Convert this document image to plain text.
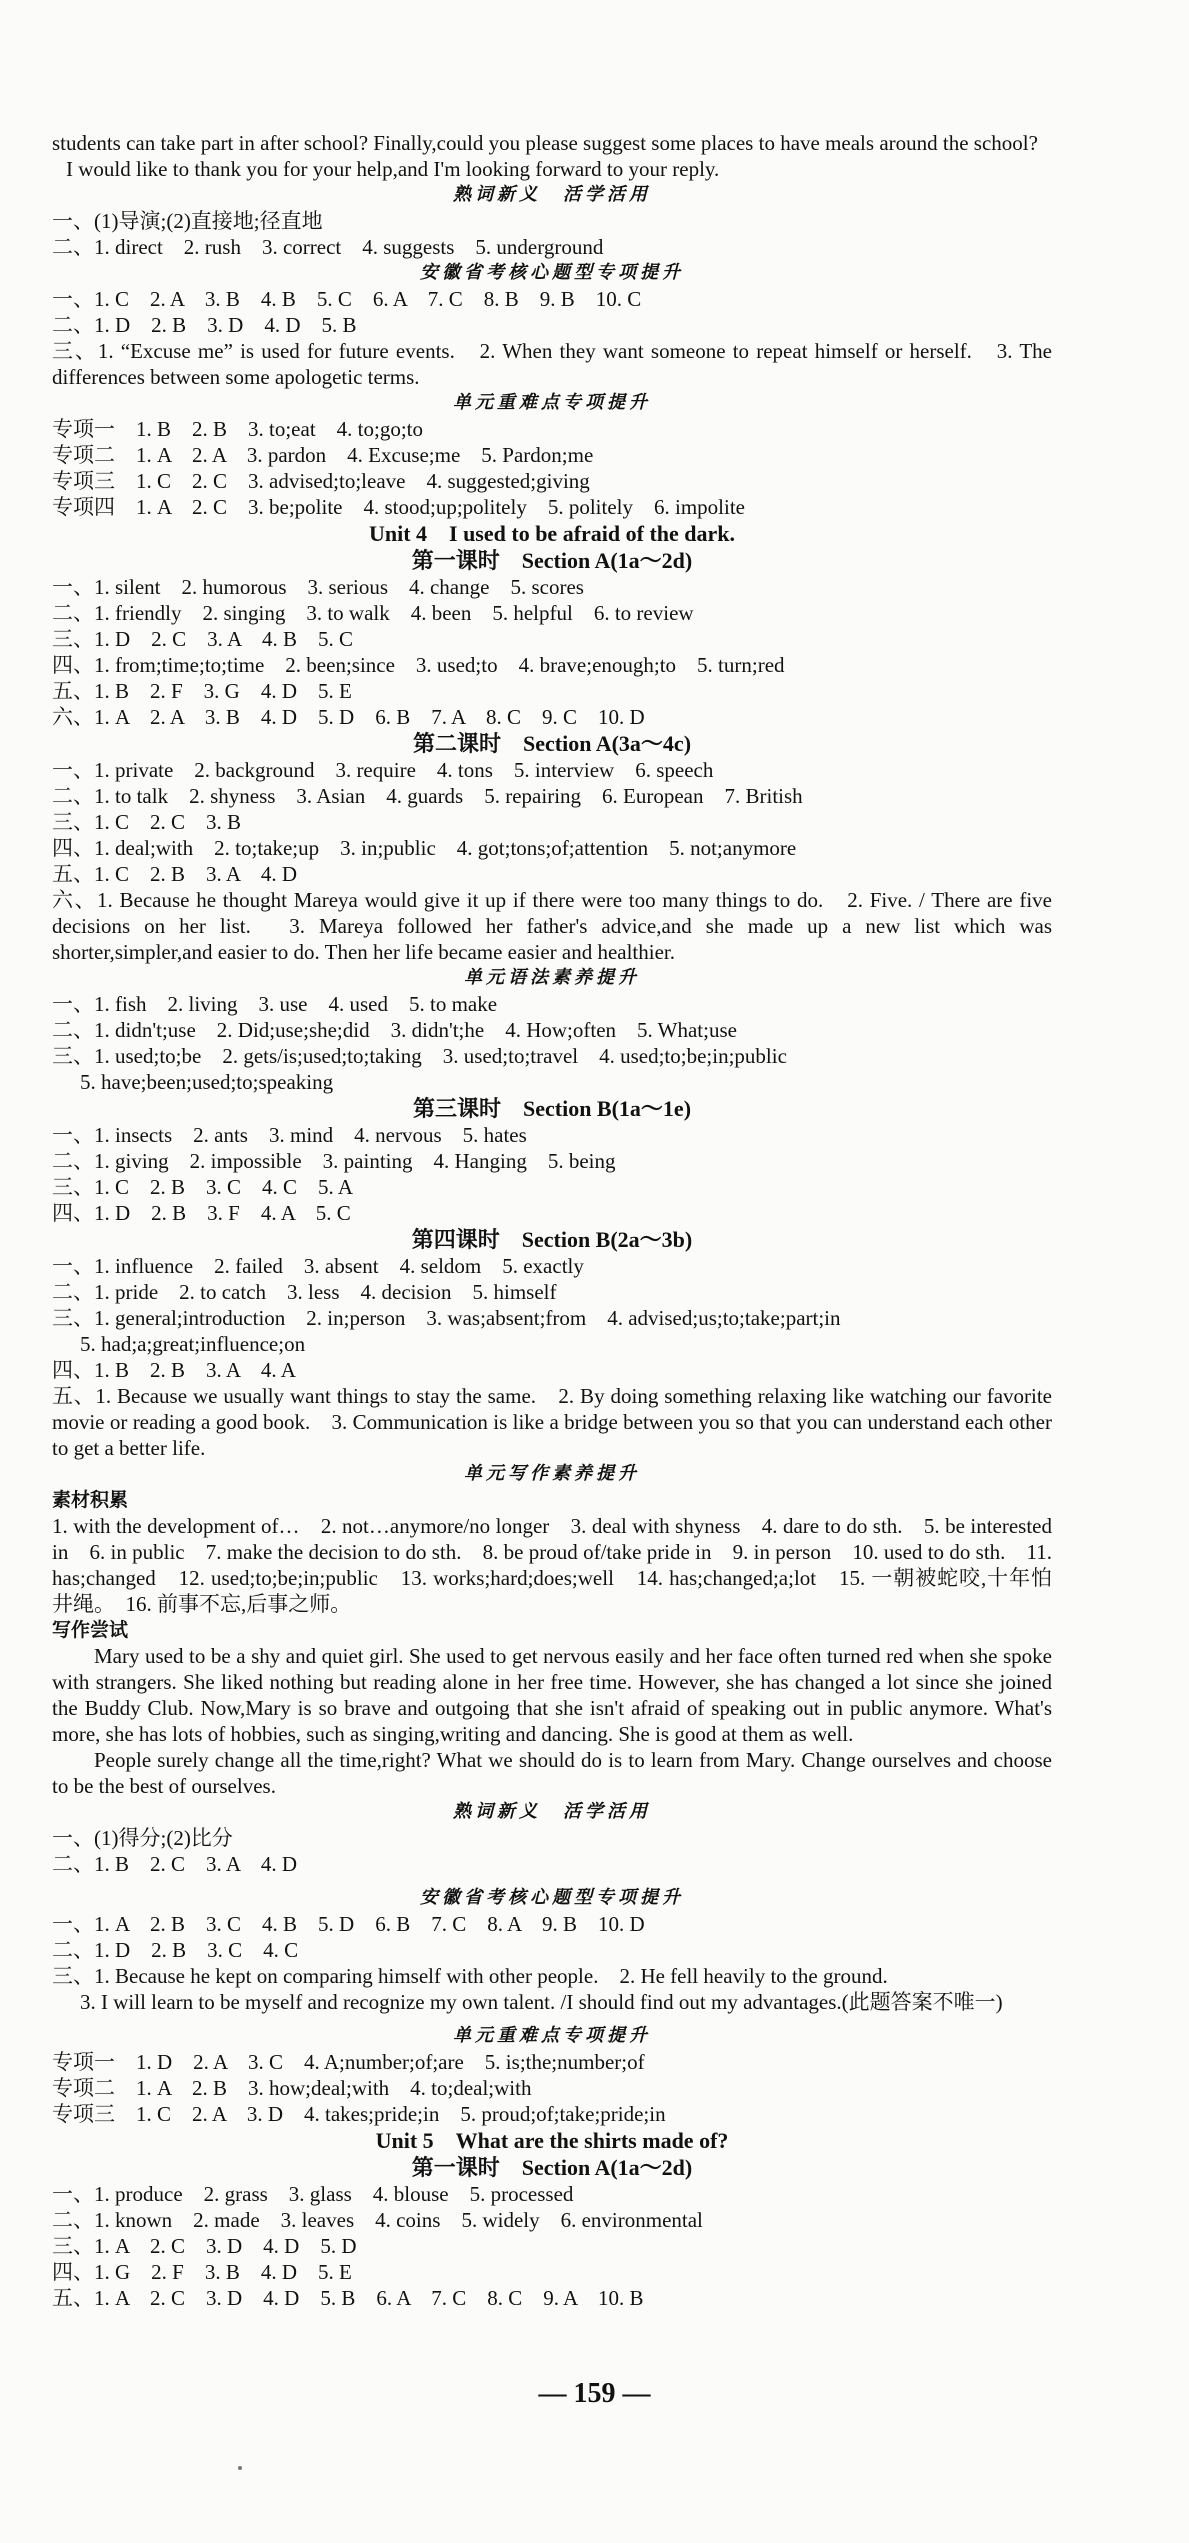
students can take part in after school? Finally,could you please suggest some places to have meals around the school?
I would like to thank you for your help,and I'm looking forward to your reply.
熟词新义　活学活用
一、(1)导演;(2)直接地;径直地
二、1. direct　2. rush　3. correct　4. suggests　5. underground
安徽省考核心题型专项提升
一、1. C　2. A　3. B　4. B　5. C　6. A　7. C　8. B　9. B　10. C
二、1. D　2. B　3. D　4. D　5. B
三、1. “Excuse me” is used for future events.　2. When they want someone to repeat himself or herself.　3. The differences between some apologetic terms.
单元重难点专项提升
专项一　1. B　2. B　3. to;eat　4. to;go;to
专项二　1. A　2. A　3. pardon　4. Excuse;me　5. Pardon;me
专项三　1. C　2. C　3. advised;to;leave　4. suggested;giving
专项四　1. A　2. C　3. be;polite　4. stood;up;politely　5. politely　6. impolite
Unit 4　I used to be afraid of the dark.
第一课时　Section A(1a～2d)
一、1. silent　2. humorous　3. serious　4. change　5. scores
二、1. friendly　2. singing　3. to walk　4. been　5. helpful　6. to review
三、1. D　2. C　3. A　4. B　5. C
四、1. from;time;to;time　2. been;since　3. used;to　4. brave;enough;to　5. turn;red
五、1. B　2. F　3. G　4. D　5. E
六、1. A　2. A　3. B　4. D　5. D　6. B　7. A　8. C　9. C　10. D
第二课时　Section A(3a～4c)
一、1. private　2. background　3. require　4. tons　5. interview　6. speech
二、1. to talk　2. shyness　3. Asian　4. guards　5. repairing　6. European　7. British
三、1. C　2. C　3. B
四、1. deal;with　2. to;take;up　3. in;public　4. got;tons;of;attention　5. not;anymore
五、1. C　2. B　3. A　4. D
六、1. Because he thought Mareya would give it up if there were too many things to do.　2. Five. / There are five decisions on her list.　3. Mareya followed her father's advice,and she made up a new list which was shorter,simpler,and easier to do. Then her life became easier and healthier.
单元语法素养提升
一、1. fish　2. living　3. use　4. used　5. to make
二、1. didn't;use　2. Did;use;she;did　3. didn't;he　4. How;often　5. What;use
三、1. used;to;be　2. gets/is;used;to;taking　3. used;to;travel　4. used;to;be;in;public
5. have;been;used;to;speaking
第三课时　Section B(1a～1e)
一、1. insects　2. ants　3. mind　4. nervous　5. hates
二、1. giving　2. impossible　3. painting　4. Hanging　5. being
三、1. C　2. B　3. C　4. C　5. A
四、1. D　2. B　3. F　4. A　5. C
第四课时　Section B(2a～3b)
一、1. influence　2. failed　3. absent　4. seldom　5. exactly
二、1. pride　2. to catch　3. less　4. decision　5. himself
三、1. general;introduction　2. in;person　3. was;absent;from　4. advised;us;to;take;part;in
5. had;a;great;influence;on
四、1. B　2. B　3. A　4. A
五、1. Because we usually want things to stay the same.　2. By doing something relaxing like watching our favorite movie or reading a good book.　3. Communication is like a bridge between you so that you can understand each other to get a better life.
单元写作素养提升
素材积累
1. with the development of…　2. not…anymore/no longer　3. deal with shyness　4. dare to do sth.　5. be interested in　6. in public　7. make the decision to do sth.　8. be proud of/take pride in　9. in person　10. used to do sth.　11. has;changed　12. used;to;be;in;public　13. works;hard;does;well　14. has;changed;a;lot　15. 一朝被蛇咬,十年怕井绳。　16. 前事不忘,后事之师。
写作尝试
Mary used to be a shy and quiet girl. She used to get nervous easily and her face often turned red when she spoke with strangers. She liked nothing but reading alone in her free time. However, she has changed a lot since she joined the Buddy Club. Now,Mary is so brave and outgoing that she isn't afraid of speaking out in public anymore. What's more, she has lots of hobbies, such as singing,writing and dancing. She is good at them as well.
People surely change all the time,right? What we should do is to learn from Mary. Change ourselves and choose to be the best of ourselves.
熟词新义　活学活用
一、(1)得分;(2)比分
二、1. B　2. C　3. A　4. D
安徽省考核心题型专项提升
一、1. A　2. B　3. C　4. B　5. D　6. B　7. C　8. A　9. B　10. D
二、1. D　2. B　3. C　4. C
三、1. Because he kept on comparing himself with other people.　2. He fell heavily to the ground.
3. I will learn to be myself and recognize my own talent. /I should find out my advantages.(此题答案不唯一)
单元重难点专项提升
专项一　1. D　2. A　3. C　4. A;number;of;are　5. is;the;number;of
专项二　1. A　2. B　3. how;deal;with　4. to;deal;with
专项三　1. C　2. A　3. D　4. takes;pride;in　5. proud;of;take;pride;in
Unit 5　What are the shirts made of?
第一课时　Section A(1a～2d)
一、1. produce　2. grass　3. glass　4. blouse　5. processed
二、1. known　2. made　3. leaves　4. coins　5. widely　6. environmental
三、1. A　2. C　3. D　4. D　5. D
四、1. G　2. F　3. B　4. D　5. E
五、1. A　2. C　3. D　4. D　5. B　6. A　7. C　8. C　9. A　10. B
— 159 —
